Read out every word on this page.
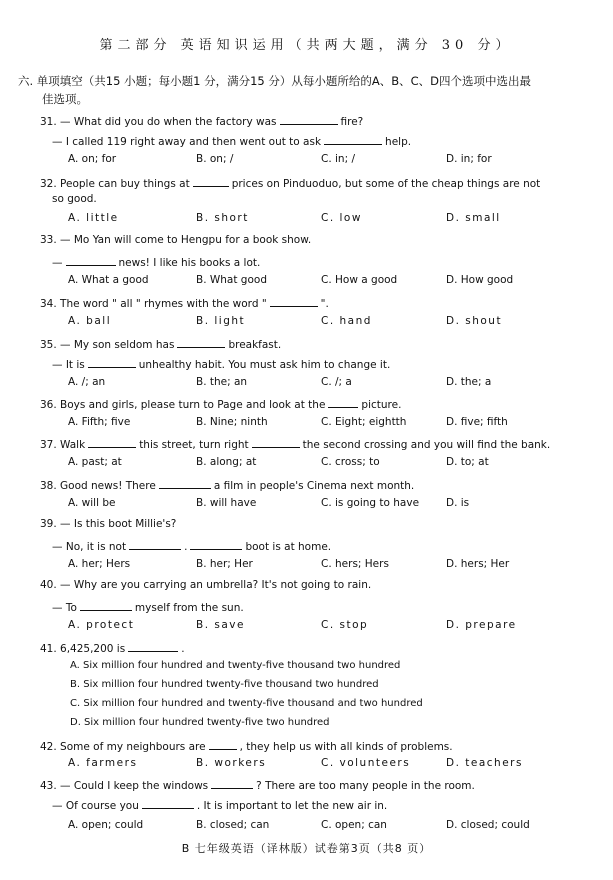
第二部分 英语知识运用（共两大题，满分 30 分）
六. 单项填空（共15 小题；每小题1 分，满分15 分）从每小题所给的A、B、C、D四个选项中选出最
佳选项。
31. — What did you do when the factory was	fire?
— I called 119 right away and then went out to ask	help.
A. on; for	B. on; /	C. in; /	D. in; for
32. People can buy things at	prices on Pinduoduo, but some of the cheap things are not
so good.
A. little	B. short	C. low	D. small
33. — Mo Yan will come to Hengpu for a book show.
—	news! I like his books a lot.
A. What a good	B. What good	C. How a good	D. How good
34. The word " all " rhymes with the word "	".
A. ball	B. light	C. hand	D. shout
35. — My son seldom has	breakfast.
— It is	unhealthy habit. You must ask him to change it.
A. /; an	B. the; an	C. /; a	D. the; a
36. Boys and girls, please turn to Page and look at the	picture.
A. Fifth; five	B. Nine; ninth	C. Eight; eightth	D. five; fifth
37. Walk	this street, turn right	the second crossing and you will find the bank.
A. past; at	B. along; at	C. cross; to	D. to; at
38. Good news! There	a film in people's Cinema next month.
A. will be	B. will have	C. is going to have	D. is
39. — Is this boot Millie's?
— No, it is not	.	boot is at home.
A. her; Hers	B. her; Her	C. hers; Hers	D. hers; Her
40. — Why are you carrying an umbrella? It's not going to rain.
— To	myself from the sun.
A. protect	B. save	C. stop	D. prepare
41. 6,425,200 is	.
A. Six million four hundred and twenty-five thousand two hundred
B. Six million four hundred twenty-five thousand two hundred
C. Six million four hundred and twenty-five thousand and two hundred
D. Six million four hundred twenty-five two hundred
42. Some of my neighbours are	, they help us with all kinds of problems.
A. farmers	B. workers	C. volunteers	D. teachers
43. — Could I keep the windows	? There are too many people in the room.
— Of course you	. It is important to let the new air in.
A. open; could	B. closed; can	C. open; can	D. closed; could
B 七年级英语（译林版）试卷第3页（共8 页）
